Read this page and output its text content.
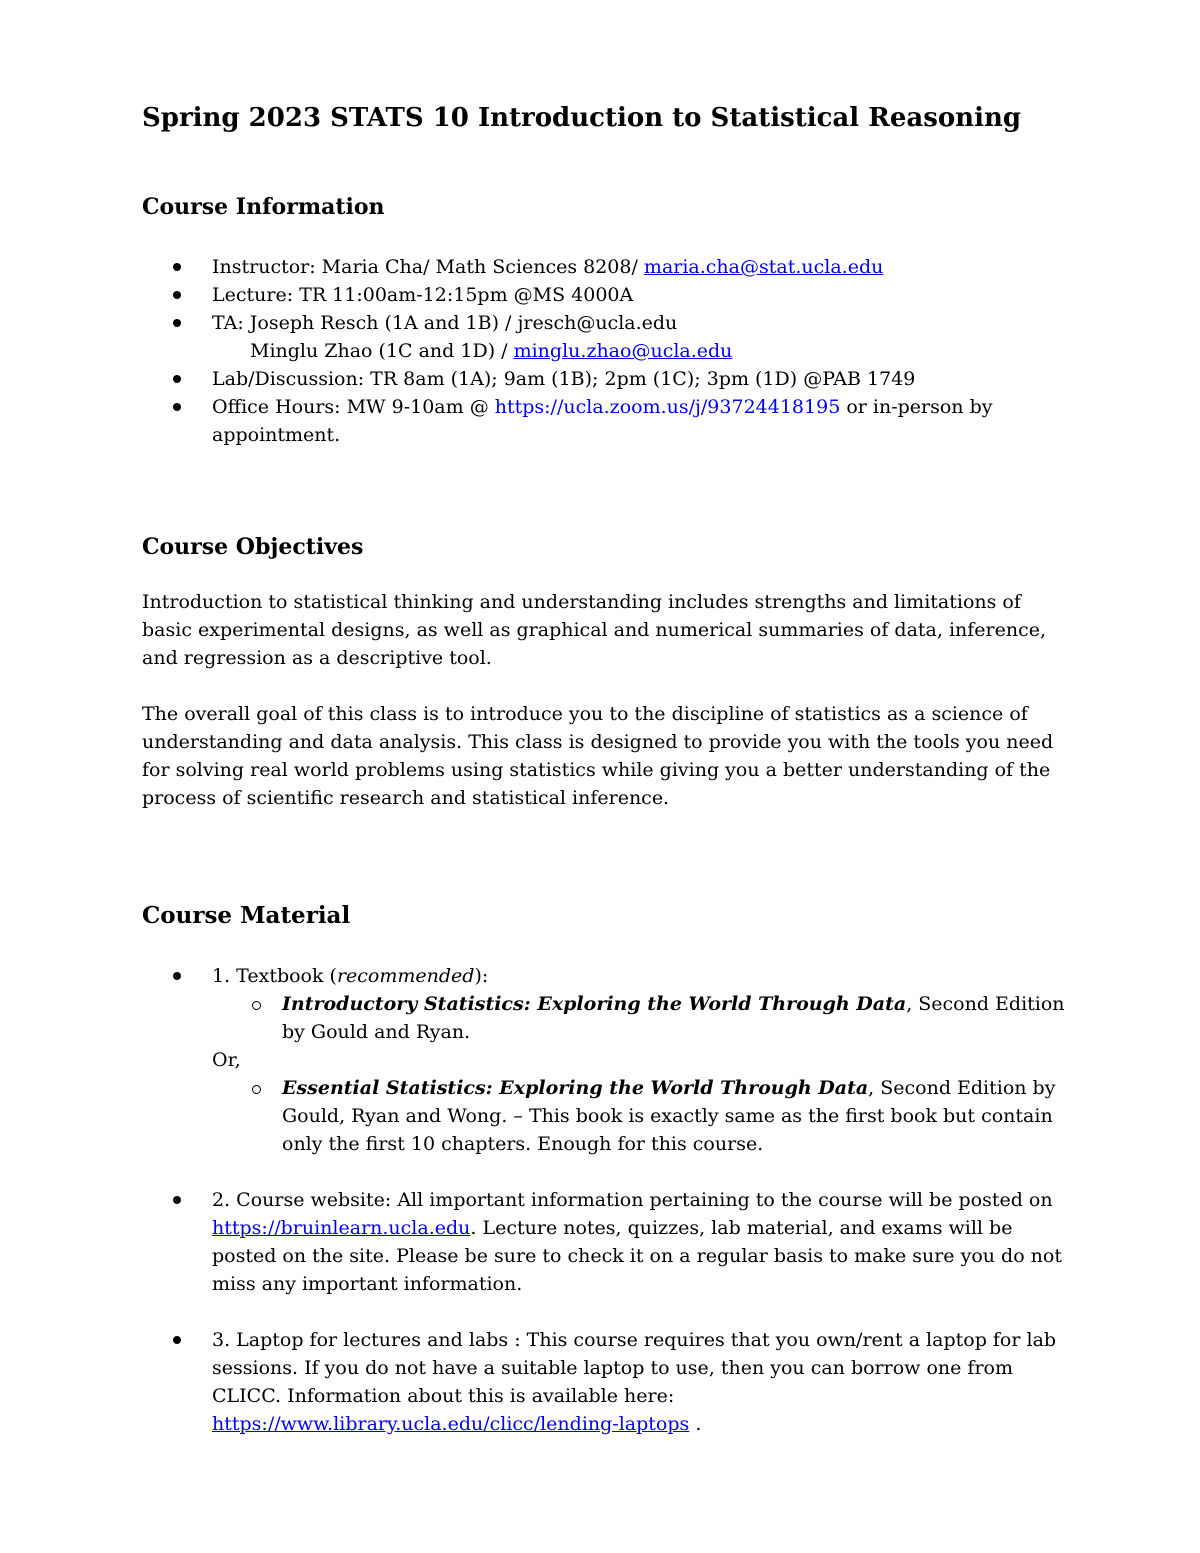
Spring 2023 STATS 10 Introduction to Statistical Reasoning
Course Information
Instructor: Maria Cha/ Math Sciences 8208/ maria.cha@stat.ucla.edu
Lecture: TR 11:00am-12:15pm @MS 4000A
TA: Joseph Resch (1A and 1B) / jresch@ucla.edu
Minglu Zhao (1C and 1D) / minglu.zhao@ucla.edu
Lab/Discussion: TR 8am (1A); 9am (1B); 2pm (1C); 3pm (1D) @PAB 1749
Office Hours: MW 9-10am @ https://ucla.zoom.us/j/93724418195 or in-person by appointment.
Course Objectives

Introduction to statistical thinking and understanding includes strengths and limitations of basic experimental designs, as well as graphical and numerical summaries of data, inference, and regression as a descriptive tool.

The overall goal of this class is to introduce you to the discipline of statistics as a science of understanding and data analysis. This class is designed to provide you with the tools you need for solving real world problems using statistics while giving you a better understanding of the process of scientific research and statistical inference.

Course Material
1. Textbook (recommended):
Introductory Statistics: Exploring the World Through Data, Second Edition by Gould and Ryan.
Or,
Essential Statistics: Exploring the World Through Data, Second Edition by Gould, Ryan and Wong. – This book is exactly same as the first book but contain only the first 10 chapters. Enough for this course.
2. Course website: All important information pertaining to the course will be posted on https://bruinlearn.ucla.edu. Lecture notes, quizzes, lab material, and exams will be posted on the site. Please be sure to check it on a regular basis to make sure you do not miss any important information.
3. Laptop for lectures and labs : This course requires that you own/rent a laptop for lab sessions. If you do not have a suitable laptop to use, then you can borrow one from CLICC. Information about this is available here: https://www.library.ucla.edu/clicc/lending-laptops .
